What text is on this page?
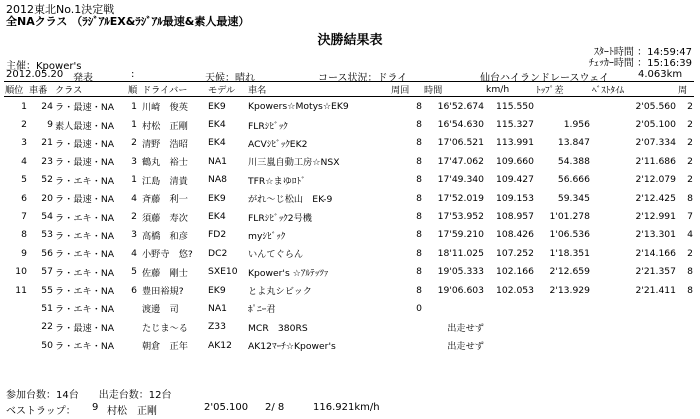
2012東北No.1決定戦
全NAクラス （ﾗｼﾞｱﾙEX&ﾗｼﾞｱﾙ最速&素人最速）
決勝結果表
ｽﾀｰﾄ時間 ：14:59:47
ﾁｪｯｶｰ時間 ：15:16:39
主催：Kpower's
2012.05.20 発表	:	天候：晴れ	コース状況：ドライ	仙台ハイランドレースウェイ	4.063km
順位	車番	クラス	順	ドライバー	モデル	車名	周回	時間	km/h	ﾄｯﾌﾟ差	ﾍﾞｽﾄﾀｲﾑ	周
1	24	ラ・最速・NA	1	川崎　俊英	EK9	Kpowers☆Motys☆EK9	8	16'52.674	115.550		2'05.560	2
2	9	素人最速・NA	1	村松　正剛	EK4	FLRｼﾋﾞｯｸ	8	16'54.630	115.327	1.956	2'05.100	2
3	21	ラ・最速・NA	2	清野　浩昭	EK4	ACVｼﾋﾞｯｸEK2	8	17'06.521	113.991	13.847	2'07.334	2
4	23	ラ・最速・NA	3	鶴丸　裕士	NA1	川三嵐自動工房☆NSX	8	17'47.062	109.660	54.388	2'11.686	2
5	52	ラ・エキ・NA	1	江島　清貴	NA8	TFR☆まゆﾛﾄﾞ	8	17'49.340	109.427	56.666	2'12.079	2
6	20	ラ・最速・NA	4	斉藤　利一	EK9	がれ～じ松山　EK-9	8	17'52.019	109.153	59.345	2'12.425	8
7	54	ラ・エキ・NA	2	須藤　寿次	EK4	FLRｼﾋﾞｯｸ2号機	8	17'53.952	108.957	1'01.278	2'12.991	7
8	53	ラ・エキ・NA	3	高橋　和彦	FD2	myｼﾋﾞｯｸ	8	17'59.210	108.426	1'06.536	2'13.301	4
9	56	ラ・エキ・NA	4	小野寺　悠?	DC2	いんてぐらん	8	18'11.025	107.252	1'18.351	2'14.166	2
10	57	ラ・エキ・NA	5	佐藤　剛士	SXE10	Kpower's ☆ｱﾙﾃｯﾂｧ	8	19'05.333	102.166	2'12.659	2'21.357	8
11	55	ラ・エキ・NA	6	豊田裕規?	EK9	とよ丸シビック	8	19'06.603	102.053	2'13.929	2'21.411	8
	51	ラ・エキ・NA		渡邊　司	NA1	ﾎﾟﾆｰ君	0					
	22	ラ・最速・NA		たじま～る	Z33	MCR　380RS		出走せず				
	50	ラ・エキ・NA		朝倉　正年	AK12	AK12ﾏｰﾁ☆Kpower's		出走せず				
参加台数：14台 出走台数：12台
ベストラップ： 9 村松　正剛	2'05.100 2/ 8	116.921km/h
